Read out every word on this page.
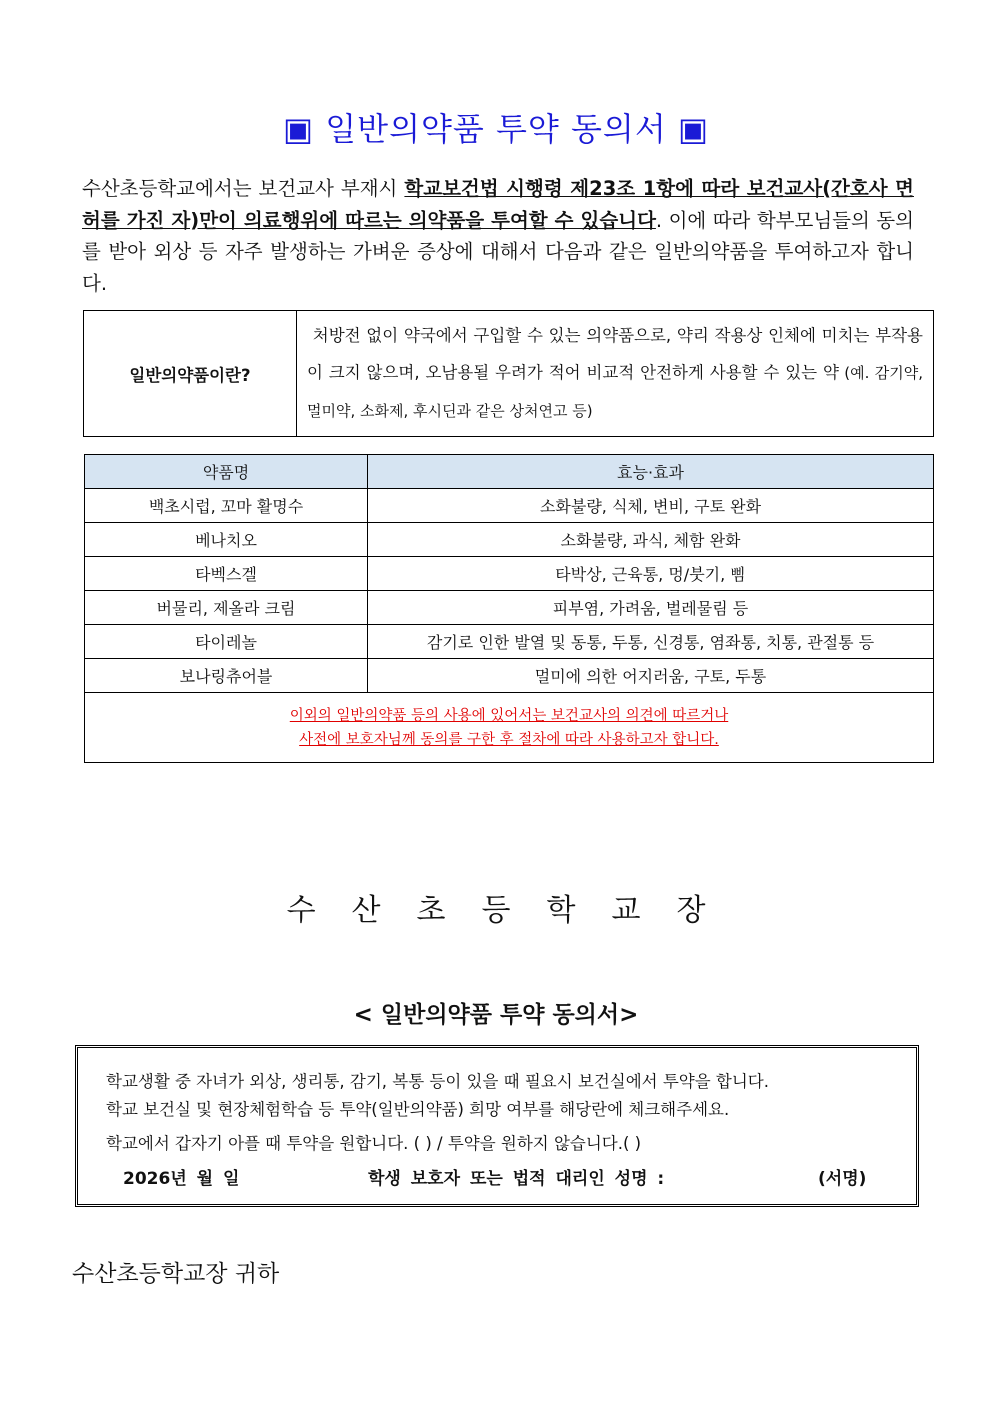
▣ 일반의약품 투약 동의서 ▣
수산초등학교에서는 보건교사 부재시 학교보건법 시행령 제23조 1항에 따라 보건교사(간호사 면허를 가진 자)만이 의료행위에 따르는 의약품을 투여할 수 있습니다. 이에 따라 학부모님들의 동의를 받아 외상 등 자주 발생하는 가벼운 증상에 대해서 다음과 같은 일반의약품을 투여하고자 합니다.
일반의약품이란?	처방전 없이 약국에서 구입할 수 있는 의약품으로, 약리 작용상 인체에 미치는 부작용이 크지 않으며, 오남용될 우려가 적어 비교적 안전하게 사용할 수 있는 약 (예. 감기약, 멀미약, 소화제, 후시딘과 같은 상처연고 등)
약품명	효능·효과
백초시럽, 꼬마 활명수	소화불량, 식체, 변비, 구토 완화
베나치오	소화불량, 과식, 체함 완화
타벡스겔	타박상, 근육통, 멍/붓기, 삠
버물리, 제올라 크림	피부염, 가려움, 벌레물림 등
타이레놀	감기로 인한 발열 및 동통, 두통, 신경통, 염좌통, 치통, 관절통 등
보나링츄어블	멀미에 의한 어지러움, 구토, 두통
이외의 일반의약품 등의 사용에 있어서는 보건교사의 의견에 따르거나
사전에 보호자님께 동의를 구한 후 절차에 따라 사용하고자 합니다.	
수산초등학교장
< 일반의약품 투약 동의서>
학교생활 중 자녀가 외상, 생리통, 감기, 복통 등이 있을 때 필요시 보건실에서 투약을 합니다.
학교 보건실 및 현장체험학습 등 투약(일반의약품) 희망 여부를 해당란에 체크해주세요.
학교에서 갑자기 아플 때 투약을 원합니다. ( ) / 투약을 원하지 않습니다.( )
2026년 월 일	학생 보호자 또는 법적 대리인 성명 :	(서명)
수산초등학교장 귀하
